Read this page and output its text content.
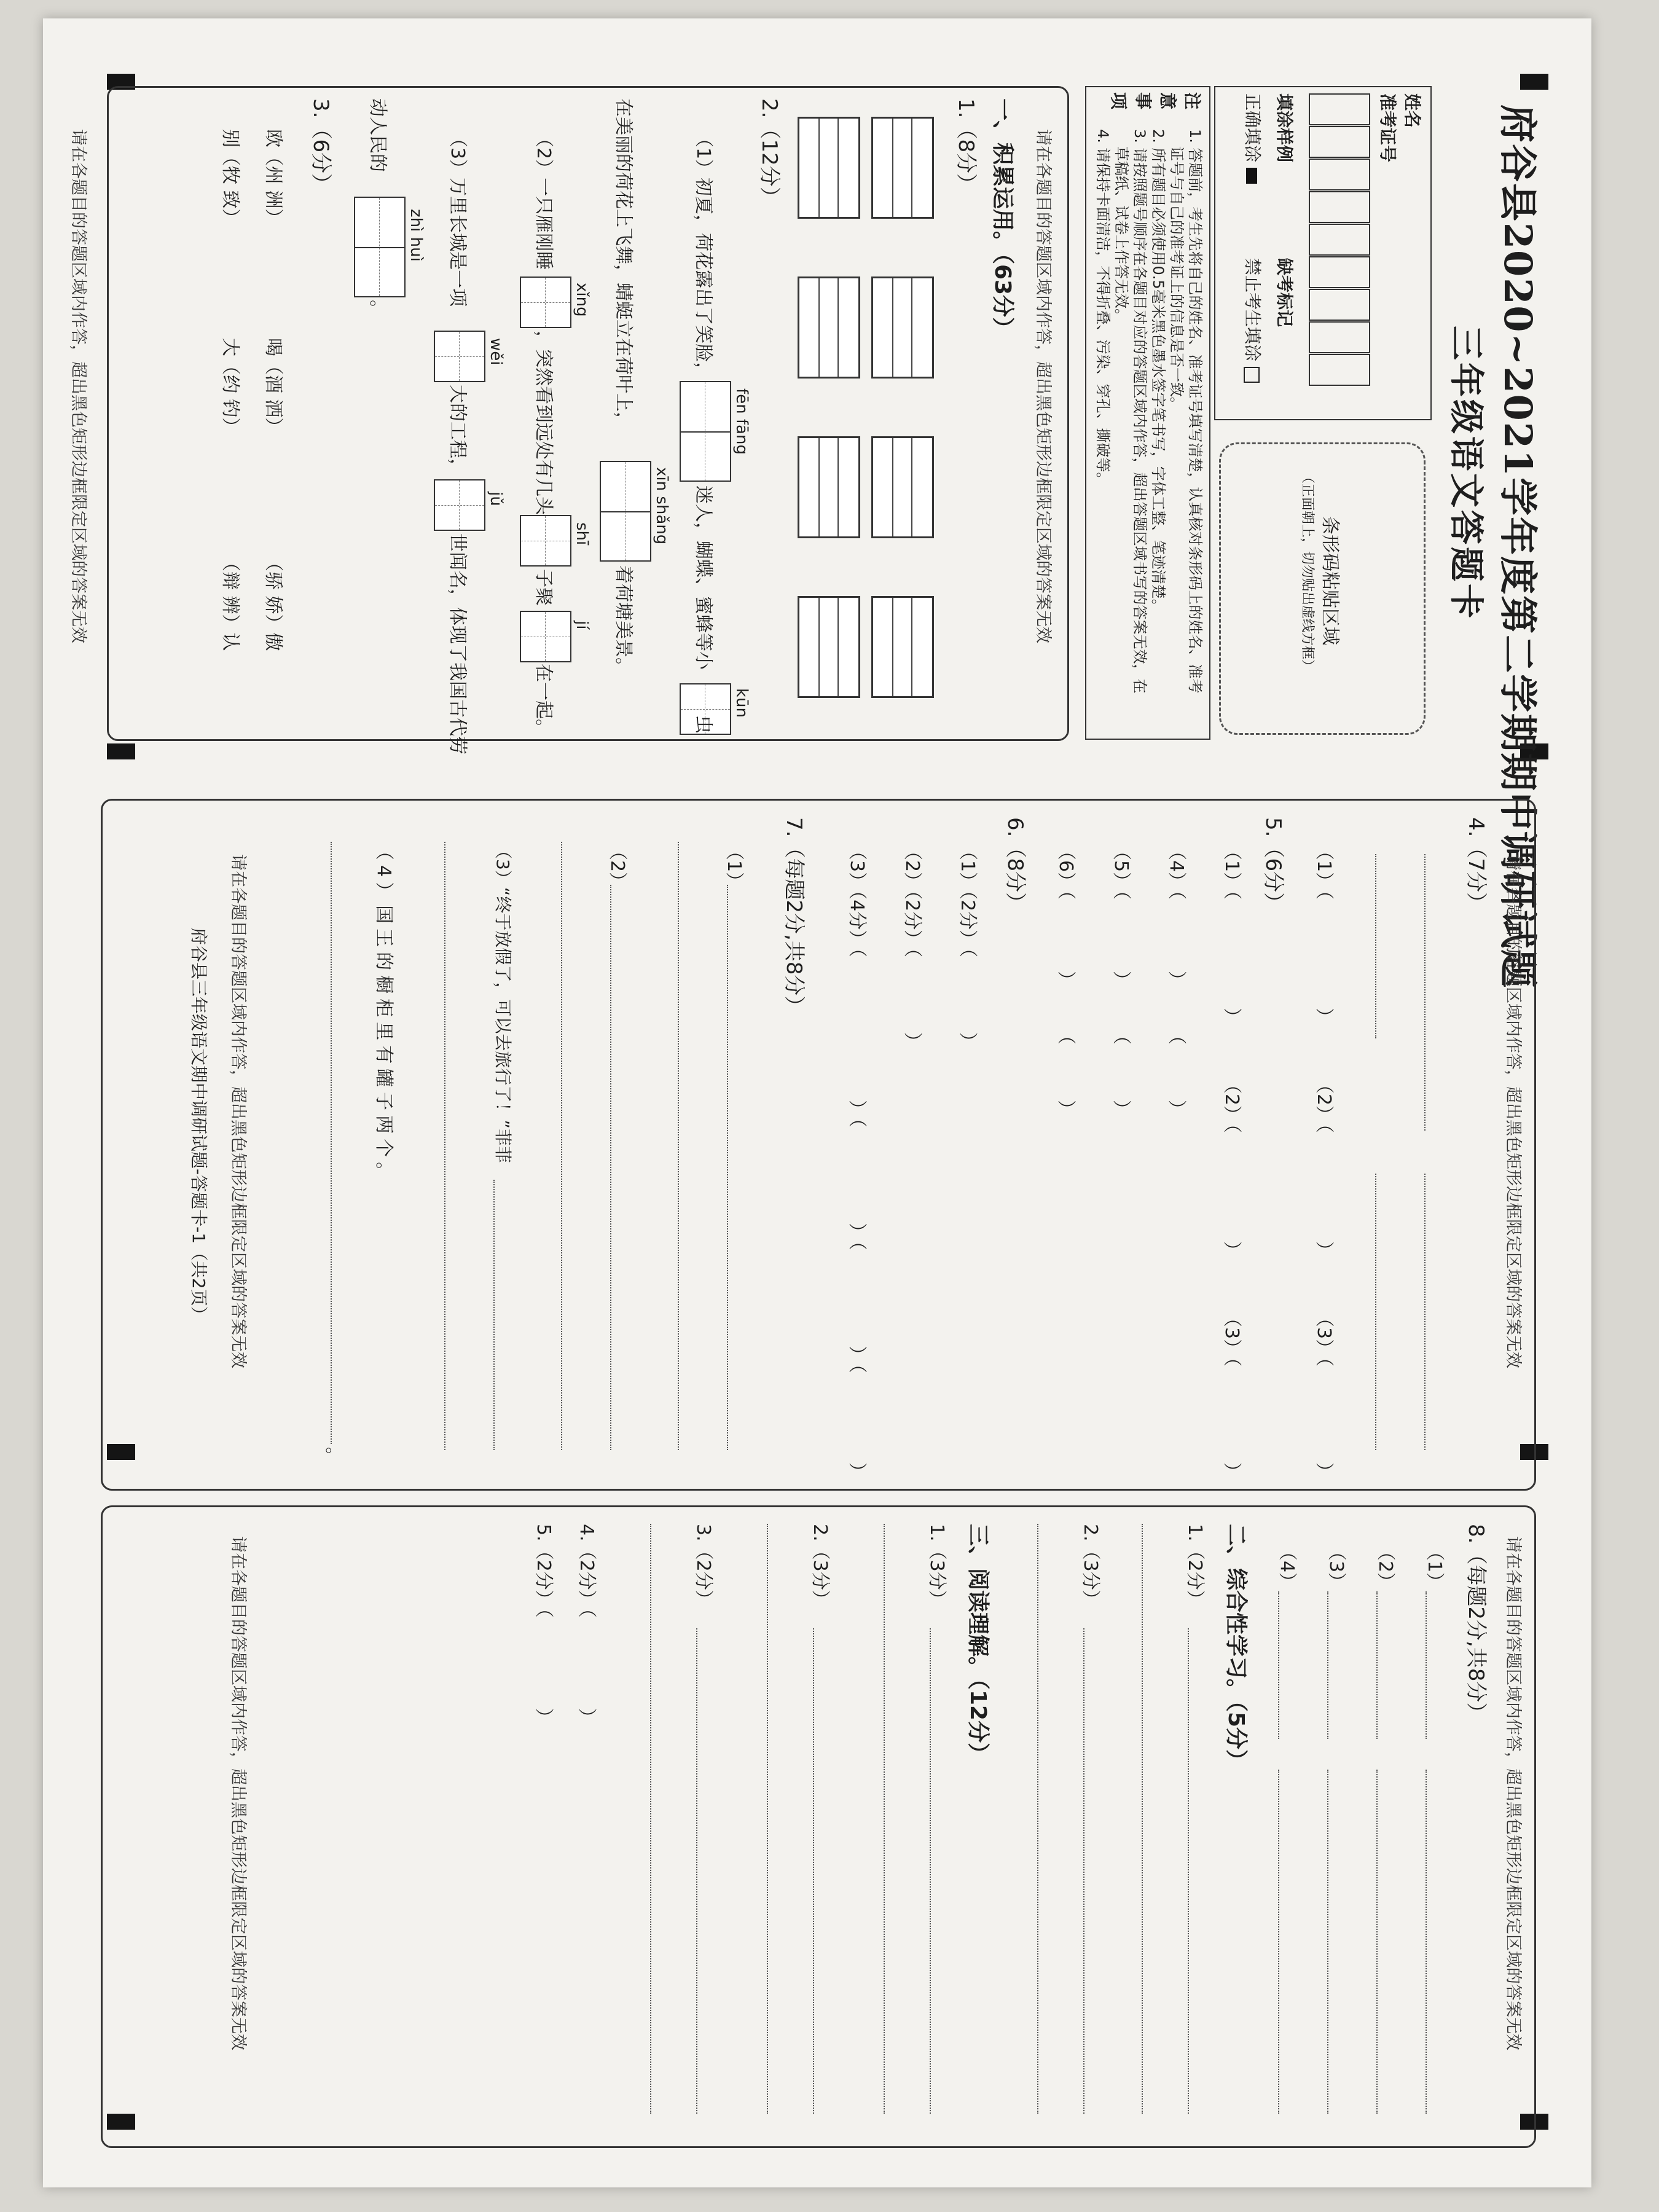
府谷县2020~2021学年度第二学期期中调研试题
三年级语文答题卡
姓名
准考证号
填涂样例
正确填涂
缺考标记
禁止考生填涂
条形码粘贴区域
（正面朝上，切勿贴出虚线方框）
注意事项
1. 答题前，考生先将自己的姓名、准考证号填写清楚，认真核对条形码上的姓名、准考
证号与自己的准考证上的信息是否一致。
2. 所有题目必须使用0.5毫米黑色墨水签字笔书写，字体工整、笔迹清楚。
3. 请按照题号顺序在各题目对应的答题区域内作答，超出答题区域书写的答案无效，在
草稿纸、试卷上作答无效。
4. 请保持卡面清洁，不得折叠、污染、穿孔、撕破等。
请在各题目的答题区域内作答，超出黑色矩形边框限定区域的答案无效
一、积累运用。（63分）
1.（8分）
2.（12分）
（1）初夏，荷花露出了笑脸，
fēn fāng
迷人，蝴蝶、蜜蜂等小
kūn
虫
在美丽的荷花上飞舞，蜻蜓立在荷叶上，
xīn shǎng
着荷塘美景。
（2）一只雁刚睡
xǐng
，突然看到远处有几头
shī
子聚
jí
在一起。
（3）万里长城是一项
wěi
大的工程，
jǔ
世闻名，体现了我国古代劳
动人民的
zhì huì
。
3.（6分）
欧（州 洲）
喝（酒 洒）
（骄 娇）傲
别（牧 致）
大（约 钓）
（辩 辨）认
请在各题目的答题区域内作答，超出黑色矩形边框限定区域的答案无效
请在各题目的答题区域内作答，超出黑色矩形边框限定区域的答案无效
4.（7分）
（1）（
）
（2）（
）
（3）（
）
5.（6分）
（1）（
）
（2）（
）
（3）（
）
（4）（
）
（
）
（5）（
）
（
）
（6）（
）
（
）
6.（8分）
（1）（2分）（
）
（2）（2分）（
）
（3）（4分）（
）（
）（
）（
）
7.（每题2分,共8分）
（1）
（2）
（3）“终于放假了，可以去旅行了！”菲菲
（4）国王的橱柜里有罐子两个。
。
请在各题目的答题区域内作答，超出黑色矩形边框限定区域的答案无效
府谷县三年级语文期中调研试题-答题卡-1（共2页）
请在各题目的答题区域内作答，超出黑色矩形边框限定区域的答案无效
8.（每题2分,共8分）
（1）
（2）
（3）
（4）
二、综合性学习。（5分）
1.（2分）
2.（3分）
三、阅读理解。（12分）
1.（3分）
2.（3分）
3.（2分）
4.（2分）（
）
5.（2分）（
）
请在各题目的答题区域内作答，超出黑色矩形边框限定区域的答案无效
